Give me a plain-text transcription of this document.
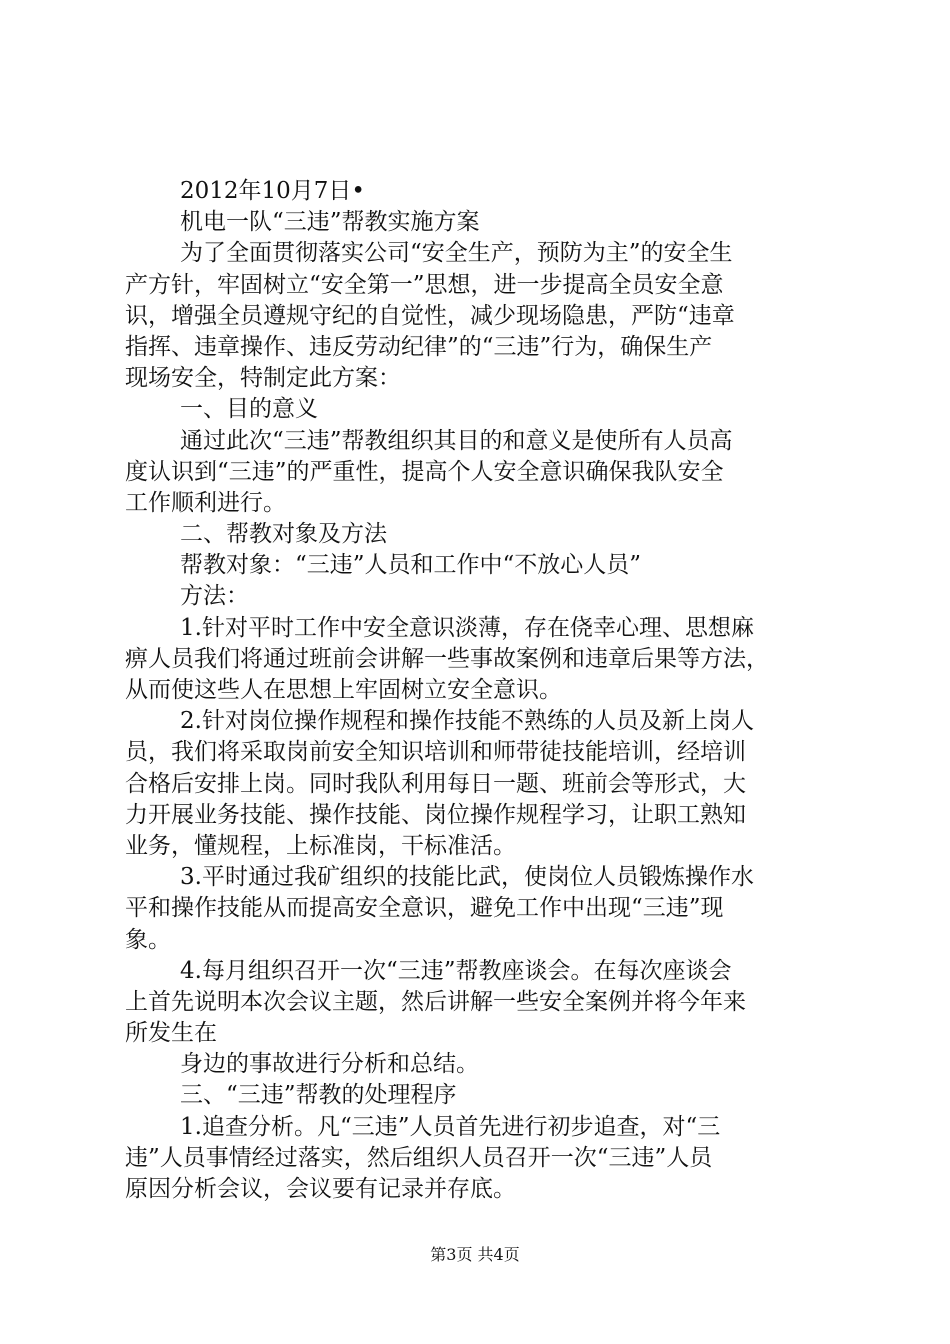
2012年10月7日•
机电一队“三违”帮教实施方案
为了全面贯彻落实公司“安全生产，预防为主”的安全生
产方针，牢固树立“安全第一”思想，进一步提高全员安全意
识，增强全员遵规守纪的自觉性，减少现场隐患，严防“违章
指挥、违章操作、违反劳动纪律”的“三违”行为，确保生产
现场安全，特制定此方案：
一、目的意义
通过此次“三违”帮教组织其目的和意义是使所有人员高
度认识到“三违”的严重性，提高个人安全意识确保我队安全
工作顺利进行。
二、帮教对象及方法
帮教对象：“三违”人员和工作中“不放心人员”
方法：
1.针对平时工作中安全意识淡薄，存在侥幸心理、思想麻
痹人员我们将通过班前会讲解一些事故案例和违章后果等方法，
从而使这些人在思想上牢固树立安全意识。
2.针对岗位操作规程和操作技能不熟练的人员及新上岗人
员，我们将采取岗前安全知识培训和师带徒技能培训，经培训
合格后安排上岗。同时我队利用每日一题、班前会等形式，大
力开展业务技能、操作技能、岗位操作规程学习，让职工熟知
业务，懂规程，上标准岗，干标准活。
3.平时通过我矿组织的技能比武，使岗位人员锻炼操作水
平和操作技能从而提高安全意识，避免工作中出现“三违”现
象。
4.每月组织召开一次“三违”帮教座谈会。在每次座谈会
上首先说明本次会议主题，然后讲解一些安全案例并将今年来
所发生在
身边的事故进行分析和总结。
三、“三违”帮教的处理程序
1.追查分析。凡“三违”人员首先进行初步追查，对“三
违”人员事情经过落实，然后组织人员召开一次“三违”人员
原因分析会议，会议要有记录并存底。
第3页 共4页
